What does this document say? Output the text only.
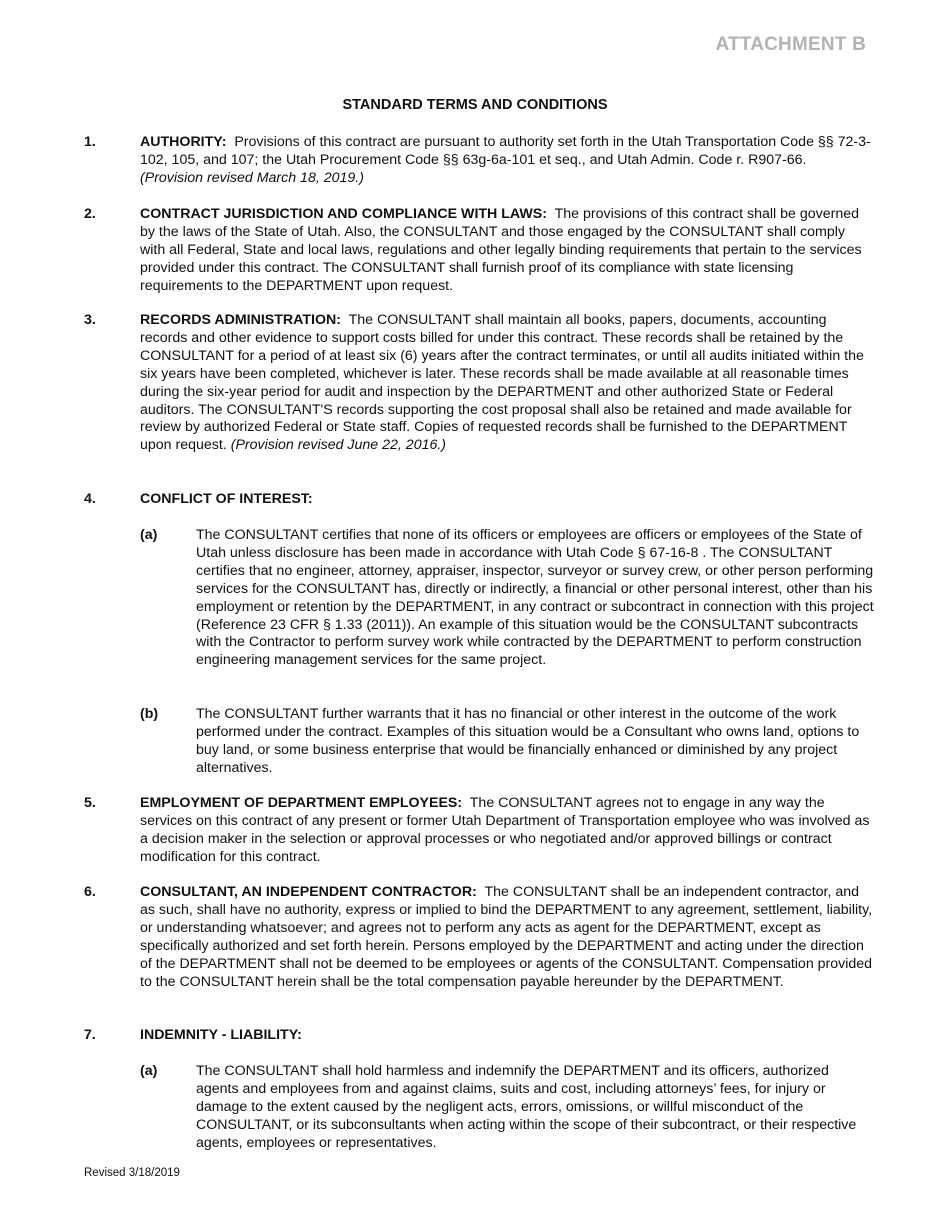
ATTACHMENT B
STANDARD TERMS AND CONDITIONS
1.	AUTHORITY: Provisions of this contract are pursuant to authority set forth in the Utah Transportation Code §§ 72-3-102, 105, and 107; the Utah Procurement Code §§ 63g-6a-101 et seq., and Utah Admin. Code r. R907-66.  (Provision revised March 18, 2019.)
2.	CONTRACT JURISDICTION AND COMPLIANCE WITH LAWS: The provisions of this contract shall be governed by the laws of the State of Utah. Also, the CONSULTANT and those engaged by the CONSULTANT shall comply with all Federal, State and local laws, regulations and other legally binding requirements that pertain to the services provided under this contract. The CONSULTANT shall furnish proof of its compliance with state licensing requirements to the DEPARTMENT upon request.
3.	RECORDS ADMINISTRATION: The CONSULTANT shall maintain all books, papers, documents, accounting records and other evidence to support costs billed for under this contract. These records shall be retained by the CONSULTANT for a period of at least six (6) years after the contract terminates, or until all audits initiated within the six years have been completed, whichever is later. These records shall be made available at all reasonable times during the six-year period for audit and inspection by the DEPARTMENT and other authorized State or Federal auditors. The CONSULTANT'S records supporting the cost proposal shall also be retained and made available for review by authorized Federal or State staff. Copies of requested records shall be furnished to the DEPARTMENT upon request. (Provision revised June 22, 2016.)
4.	CONFLICT OF INTEREST:
(a)	The CONSULTANT certifies that none of its officers or employees are officers or employees of the State of Utah unless disclosure has been made in accordance with Utah Code § 67-16-8 . The CONSULTANT certifies that no engineer, attorney, appraiser, inspector, surveyor or survey crew, or other person performing services for the CONSULTANT has, directly or indirectly, a financial or other personal interest, other than his employment or retention by the DEPARTMENT, in any contract or subcontract in connection with this project (Reference 23 CFR § 1.33 (2011)). An example of this situation would be the CONSULTANT subcontracts with the Contractor to perform survey work while contracted by the DEPARTMENT to perform construction engineering management services for the same project.
(b)	The CONSULTANT further warrants that it has no financial or other interest in the outcome of the work performed under the contract. Examples of this situation would be a Consultant who owns land, options to buy land, or some business enterprise that would be financially enhanced or diminished by any project alternatives.
5.	EMPLOYMENT OF DEPARTMENT EMPLOYEES: The CONSULTANT agrees not to engage in any way the services on this contract of any present or former Utah Department of Transportation employee who was involved as a decision maker in the selection or approval processes or who negotiated and/or approved billings or contract modification for this contract.
6.	CONSULTANT, AN INDEPENDENT CONTRACTOR: The CONSULTANT shall be an independent contractor, and as such, shall have no authority, express or implied to bind the DEPARTMENT to any agreement, settlement, liability, or understanding whatsoever; and agrees not to perform any acts as agent for the DEPARTMENT, except as specifically authorized and set forth herein. Persons employed by the DEPARTMENT and acting under the direction of the DEPARTMENT shall not be deemed to be employees or agents of the CONSULTANT. Compensation provided to the CONSULTANT herein shall be the total compensation payable hereunder by the DEPARTMENT.
7.	INDEMNITY - LIABILITY:
(a)	The CONSULTANT shall hold harmless and indemnify the DEPARTMENT and its officers, authorized agents and employees from and against claims, suits and cost, including attorneys’ fees, for injury or damage to the extent caused by the negligent acts, errors, omissions, or willful misconduct of the CONSULTANT, or its subconsultants when acting within the scope of their subcontract, or their respective agents, employees or representatives.
Revised 3/18/2019
